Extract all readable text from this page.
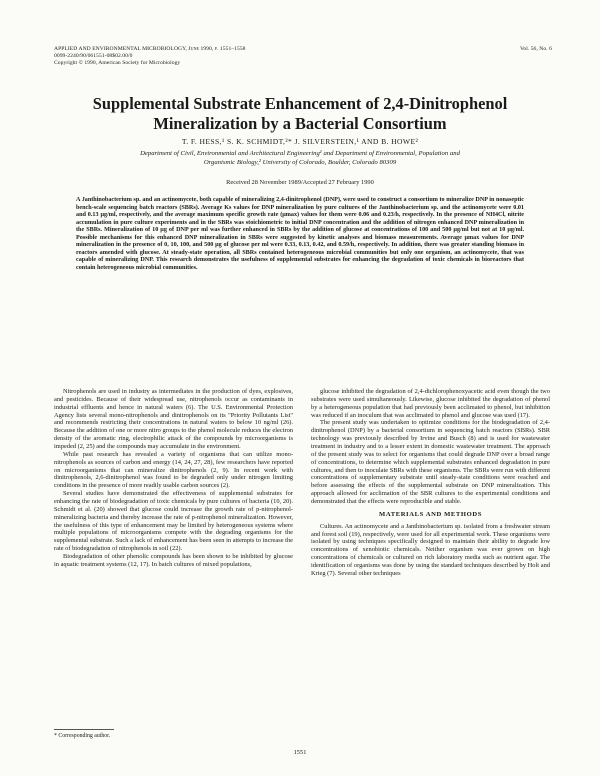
APPLIED AND ENVIRONMENTAL MICROBIOLOGY, June 1990, p. 1551–1558	Vol. 56, No. 6
0099-2240/90/061551-08$02.00/0
Copyright © 1990, American Society for Microbiology
Supplemental Substrate Enhancement of 2,4-Dinitrophenol
Mineralization by a Bacterial Consortium
T. F. HESS,¹ S. K. SCHMIDT,²* J. SILVERSTEIN,¹ AND B. HOWE²
Department of Civil, Environmental and Architectural Engineering¹ and Department of Environmental, Population and
Organismic Biology,² University of Colorado, Boulder, Colorado 80309
Received 28 November 1989/Accepted 27 February 1990
A Janthinobacterium sp. and an actinomycete, both capable of mineralizing 2,4-dinitrophenol (DNP), were used to construct a consortium to mineralize DNP in nonaseptic bench-scale sequencing batch reactors (SBRs). Average Ks values for DNP mineralization by pure cultures of the Janthinobacterium sp. and the actinomycete were 0.01 and 0.13 µg/ml, respectively, and the average maximum specific growth rate (µmax) values for them were 0.06 and 0.23/h, respectively. In the presence of NH4Cl, nitrite accumulation in pure culture experiments and in the SBRs was stoichiometric to initial DNP concentration and the addition of nitrogen enhanced DNP mineralization in the SBRs. Mineralization of 10 µg of DNP per ml was further enhanced in SBRs by the addition of glucose at concentrations of 100 and 500 µg/ml but not at 10 µg/ml. Possible mechanisms for this enhanced DNP mineralization in SBRs were suggested by kinetic analyses and biomass measurements. Average µmax values for DNP mineralization in the presence of 0, 10, 100, and 500 µg of glucose per ml were 0.33, 0.13, 0.42, and 0.59/h, respectively. In addition, there was greater standing biomass in reactors amended with glucose. At steady-state operation, all SBRs contained heterogeneous microbial communities but only one organism, an actinomycete, that was capable of mineralizing DNP. This research demonstrates the usefulness of supplemental substrates for enhancing the degradation of toxic chemicals in bioreactors that contain heterogeneous microbial communities.

Nitrophenols are used in industry as intermediates in the production of dyes, explosives, and pesticides. Because of their widespread use, nitrophenols occur as contaminants in industrial effluents and hence in natural waters (6). The U.S. Environmental Protection Agency lists several mono-nitrophenols and dinitrophenols on its "Priority Pollutants List" and recommends restricting their concentrations in natural waters to below 10 ng/ml (26). Because the addition of one or more nitro groups to the phenol molecule reduces the electron density of the aromatic ring, electrophilic attack of the compounds by microorganisms is impeded (2, 25) and the compounds may accumulate in the environment.

While past research has revealed a variety of organisms that can utilize mono-nitrophenols as sources of carbon and energy (14, 24, 27, 28), few researchers have reported on microorganisms that can mineralize dinitrophenols (2, 9). In recent work with dinitrophenols, 2,6-dinitrophenol was found to be degraded only under nitrogen limiting conditions in the presence of more readily usable carbon sources (2).

Several studies have demonstrated the effectiveness of supplemental substrates for enhancing the rate of biodegradation of toxic chemicals by pure cultures of bacteria (10, 20). Schmidt et al. (20) showed that glucose could increase the growth rate of p-nitrophenol-mineralizing bacteria and thereby increase the rate of p-nitrophenol mineralization. However, the usefulness of this type of enhancement may be limited by heterogeneous systems where multiple populations of microorganisms compete with the degrading organisms for the supplemental substrate. Such a lack of enhancement has been seen in attempts to increase the rate of biodegradation of nitrophenols in soil (22).

Biodegradation of other phenolic compounds has been shown to be inhibited by glucose in aquatic treatment systems (12, 17). In batch cultures of mixed populations,

glucose inhibited the degradation of 2,4-dichlorophenoxyacetic acid even though the two substrates were used simultaneously. Likewise, glucose inhibited the degradation of phenol by a heterogeneous population that had previously been acclimated to phenol, but inhibition was reduced if an inoculum that was acclimated to phenol and glucose was used (17).

The present study was undertaken to optimize conditions for the biodegradation of 2,4-dinitrophenol (DNP) by a bacterial consortium in sequencing batch reactors (SBRs). SBR technology was previously described by Irvine and Busch (8) and is used for wastewater treatment in industry and to a lesser extent in domestic wastewater treatment. The approach of the present study was to select for organisms that could degrade DNP over a broad range of concentrations, to determine which supplemental substrates enhanced degradation in pure cultures, and then to inoculate SBRs with these organisms. The SBRs were run with different concentrations of supplementary substrate until steady-state conditions were reached and before assessing the effects of the supplemental substrate on DNP mineralization. This approach allowed for acclimation of the SBR cultures to the experimental conditions and demonstrated that the effects were reproducible and stable.

MATERIALS AND METHODS

Cultures. An actinomycete and a Janthinobacterium sp. isolated from a freshwater stream and forest soil (19), respectively, were used for all experimental work. These organisms were isolated by using techniques specifically designed to maintain their ability to degrade low concentrations of xenobiotic chemicals. Neither organism was ever grown on high concentrations of chemicals or cultured on rich laboratory media such as nutrient agar. The identification of organisms was done by using the standard techniques described by Holt and Krieg (7). Several other techniques

* Corresponding author.
1551
